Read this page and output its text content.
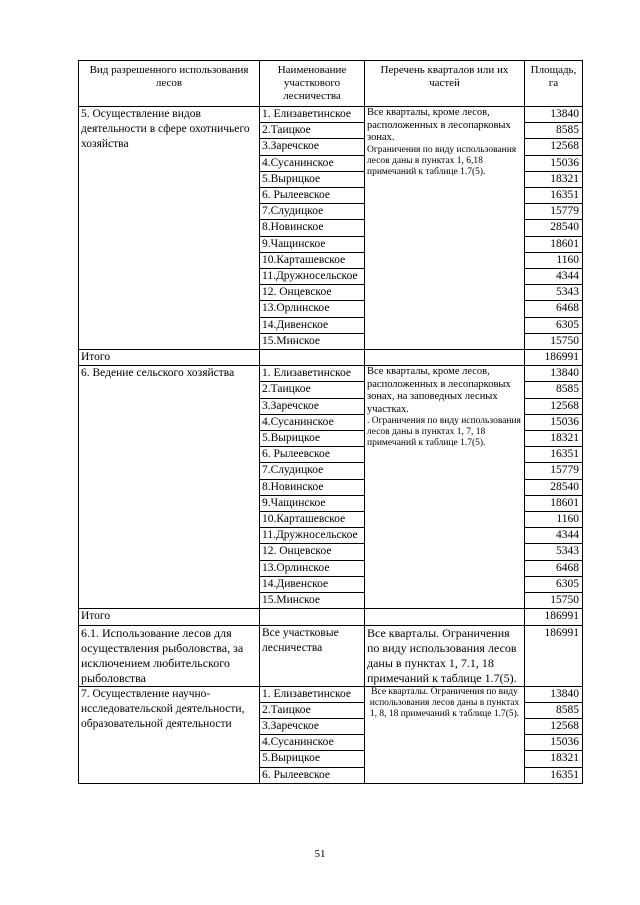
Вид разрешенного использования лесов	Наименование участкового лесничества	Перечень кварталов или их частей	Площадь, га
5. Осуществление видов деятельности в сфере охотничьего хозяйства	1. Елизаветинское	Все кварталы, кроме лесов, расположенных в лесопарковых зонах.
Ограничения по виду использования лесов даны в пунктах 1, 6,18 примечаний к таблице 1.7(5).	13840
	2.Таицкое		8585
	3.Заречское		12568
	4.Сусанинское		15036
	5.Вырицкое		18321
	6. Рылеевское		16351
	7.Слудицкое		15779
	8.Новинское		28540
	9.Чащинское		18601
	10.Карташевское		1160
	11.Дружносельское		4344
	12. Онцевское		5343
	13.Орлинское		6468
	14.Дивенское		6305
	15.Минское		15750
Итого			186991
6. Ведение сельского хозяйства	1. Елизаветинское	Все кварталы, кроме лесов, расположенных в лесопарковых зонах, на заповедных лесных участках.
. Ограничения по виду использования лесов даны в пунктах 1, 7, 18 примечаний к таблице 1.7(5).	13840
	2.Таицкое		8585
	3.Заречское		12568
	4.Сусанинское		15036
	5.Вырицкое		18321
	6. Рылеевское		16351
	7.Слудицкое		15779
	8.Новинское		28540
	9.Чащинское		18601
	10.Карташевское		1160
	11.Дружносельское		4344
	12. Онцевское		5343
	13.Орлинское		6468
	14.Дивенское		6305
	15.Минское		15750
Итого			186991
6.1. Использование лесов для осуществления рыболовства, за исключением любительского рыболовства	Все участковые лесничества	Все кварталы. Ограничения по виду использования лесов даны в пунктах 1, 7.1, 18 примечаний к таблице 1.7(5).	186991
7. Осуществление научно-исследовательской деятельности, образовательной деятельности	1. Елизаветинское	Все кварталы. Ограничения по виду использования лесов даны в пунктах 1, 8, 18 примечаний к таблице 1.7(5).	13840
	2.Таицкое		8585
	3.Заречское		12568
	4.Сусанинское		15036
	5.Вырицкое		18321
	6. Рылеевское		16351
51
